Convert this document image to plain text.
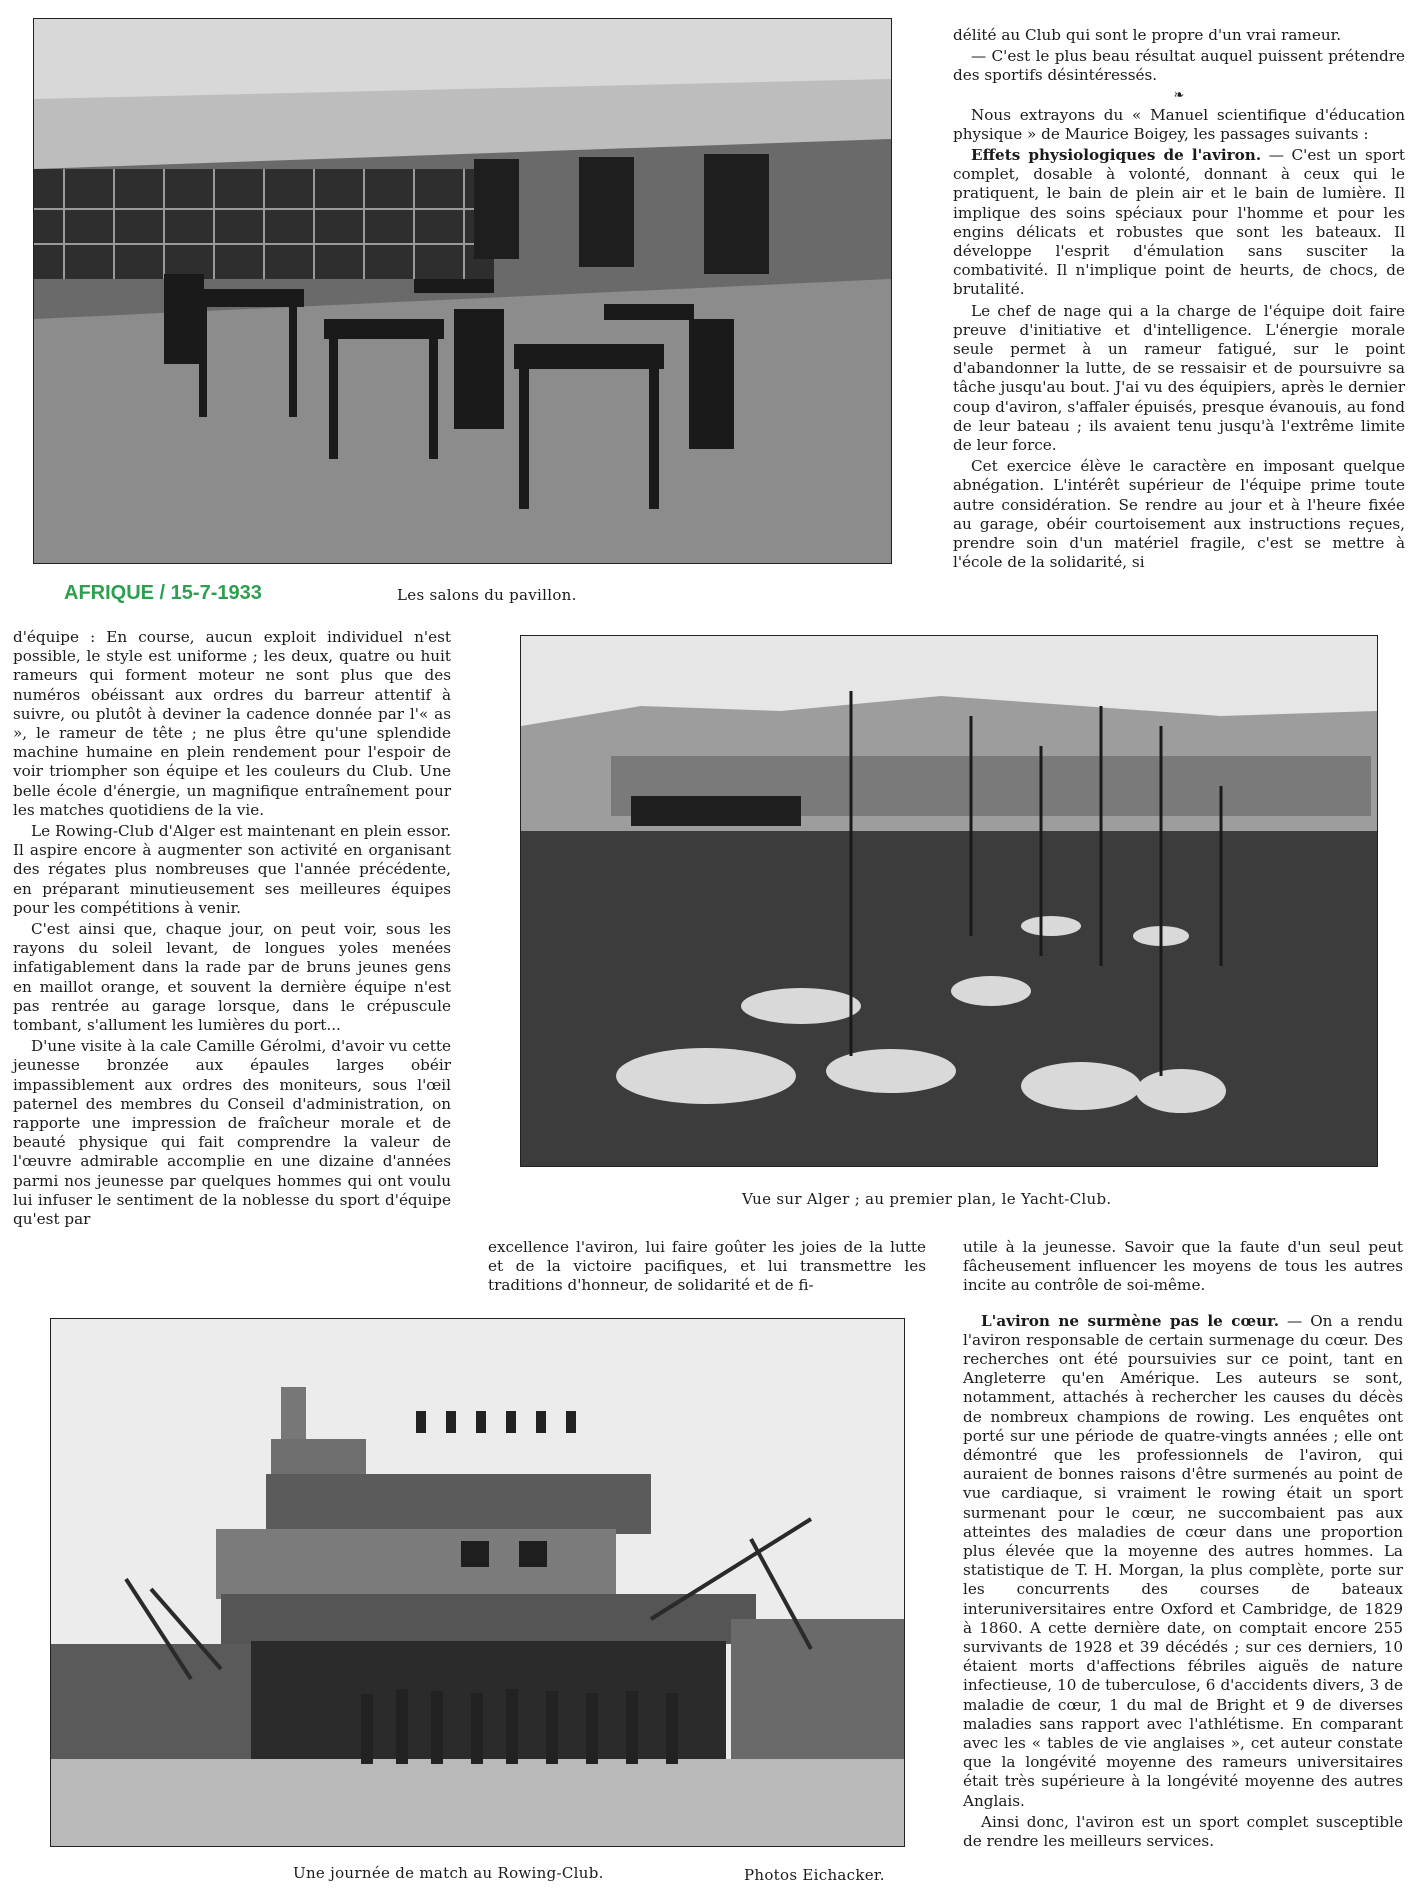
AFRIQUE / 15-7-1933	Les salons du pavillon.

délité au Club qui sont le propre d'un vrai rameur.

— C'est le plus beau résultat auquel puissent prétendre des sportifs désintéressés.

❧

Nous extrayons du « Manuel scientifique d'éducation physique » de Maurice Boigey, les passages suivants :

Effets physiologiques de l'aviron. — C'est un sport complet, dosable à volonté, donnant à ceux qui le pratiquent, le bain de plein air et le bain de lumière. Il implique des soins spéciaux pour l'homme et pour les engins délicats et robustes que sont les bateaux. Il développe l'esprit d'émulation sans susciter la combativité. Il n'implique point de heurts, de chocs, de brutalité.

Le chef de nage qui a la charge de l'équipe doit faire preuve d'initiative et d'intelligence. L'énergie morale seule permet à un rameur fatigué, sur le point d'abandonner la lutte, de se ressaisir et de poursuivre sa tâche jusqu'au bout. J'ai vu des équipiers, après le dernier coup d'aviron, s'affaler épuisés, presque évanouis, au fond de leur bateau ; ils avaient tenu jusqu'à l'extrême limite de leur force.

Cet exercice élève le caractère en imposant quelque abnégation. L'intérêt supérieur de l'équipe prime toute autre considération. Se rendre au jour et à l'heure fixée au garage, obéir courtoisement aux instructions reçues, prendre soin d'un matériel fragile, c'est se mettre à l'école de la solidarité, si

d'équipe : En course, aucun exploit individuel n'est possible, le style est uniforme ; les deux, quatre ou huit rameurs qui forment moteur ne sont plus que des numéros obéissant aux ordres du barreur attentif à suivre, ou plutôt à deviner la cadence donnée par l'« as », le rameur de tête ; ne plus être qu'une splendide machine humaine en plein rendement pour l'espoir de voir triompher son équipe et les couleurs du Club. Une belle école d'énergie, un magnifique entraînement pour les matches quotidiens de la vie.

Le Rowing-Club d'Alger est maintenant en plein essor. Il aspire encore à augmenter son activité en organisant des régates plus nombreuses que l'année précédente, en préparant minutieusement ses meilleures équipes pour les compétitions à venir.

C'est ainsi que, chaque jour, on peut voir, sous les rayons du soleil levant, de longues yoles menées infatigablement dans la rade par de bruns jeunes gens en maillot orange, et souvent la dernière équipe n'est pas rentrée au garage lorsque, dans le crépuscule tombant, s'allument les lumières du port...

D'une visite à la cale Camille Gérolmi, d'avoir vu cette jeunesse bronzée aux épaules larges obéir impassiblement aux ordres des moniteurs, sous l'œil paternel des membres du Conseil d'administration, on rapporte une impression de fraîcheur morale et de beauté physique qui fait comprendre la valeur de l'œuvre admirable accomplie en une dizaine d'années parmi nos jeunesse par quelques hommes qui ont voulu lui infuser le sentiment de la noblesse du sport d'équipe qu'est par

Vue sur Alger ; au premier plan, le Yacht-Club.

excellence l'aviron, lui faire goûter les joies de la lutte et de la victoire pacifiques, et lui transmettre les traditions d'honneur, de solidarité et de fi-

utile à la jeunesse. Savoir que la faute d'un seul peut fâcheusement influencer les moyens de tous les autres incite au contrôle de soi-même.

L'aviron ne surmène pas le cœur. — On a rendu l'aviron responsable de certain surmenage du cœur. Des recherches ont été poursuivies sur ce point, tant en Angleterre qu'en Amérique. Les auteurs se sont, notamment, attachés à rechercher les causes du décès de nombreux champions de rowing. Les enquêtes ont porté sur une période de quatre-vingts années ; elle ont démontré que les professionnels de l'aviron, qui auraient de bonnes raisons d'être surmenés au point de vue cardiaque, si vraiment le rowing était un sport surmenant pour le cœur, ne succombaient pas aux atteintes des maladies de cœur dans une proportion plus élevée que la moyenne des autres hommes. La statistique de T. H. Morgan, la plus complète, porte sur les concurrents des courses de bateaux interuniversitaires entre Oxford et Cambridge, de 1829 à 1860. A cette dernière date, on comptait encore 255 survivants de 1928 et 39 décédés ; sur ces derniers, 10 étaient morts d'affections fébriles aiguës de nature infectieuse, 10 de tuberculose, 6 d'accidents divers, 3 de maladie de cœur, 1 du mal de Bright et 9 de diverses maladies sans rapport avec l'athlétisme. En comparant avec les « tables de vie anglaises », cet auteur constate que la longévité moyenne des rameurs universitaires était très supérieure à la longévité moyenne des autres Anglais.

Ainsi donc, l'aviron est un sport complet susceptible de rendre les meilleurs services.

Une journée de match au Rowing-Club.	Photos Eichacker.
